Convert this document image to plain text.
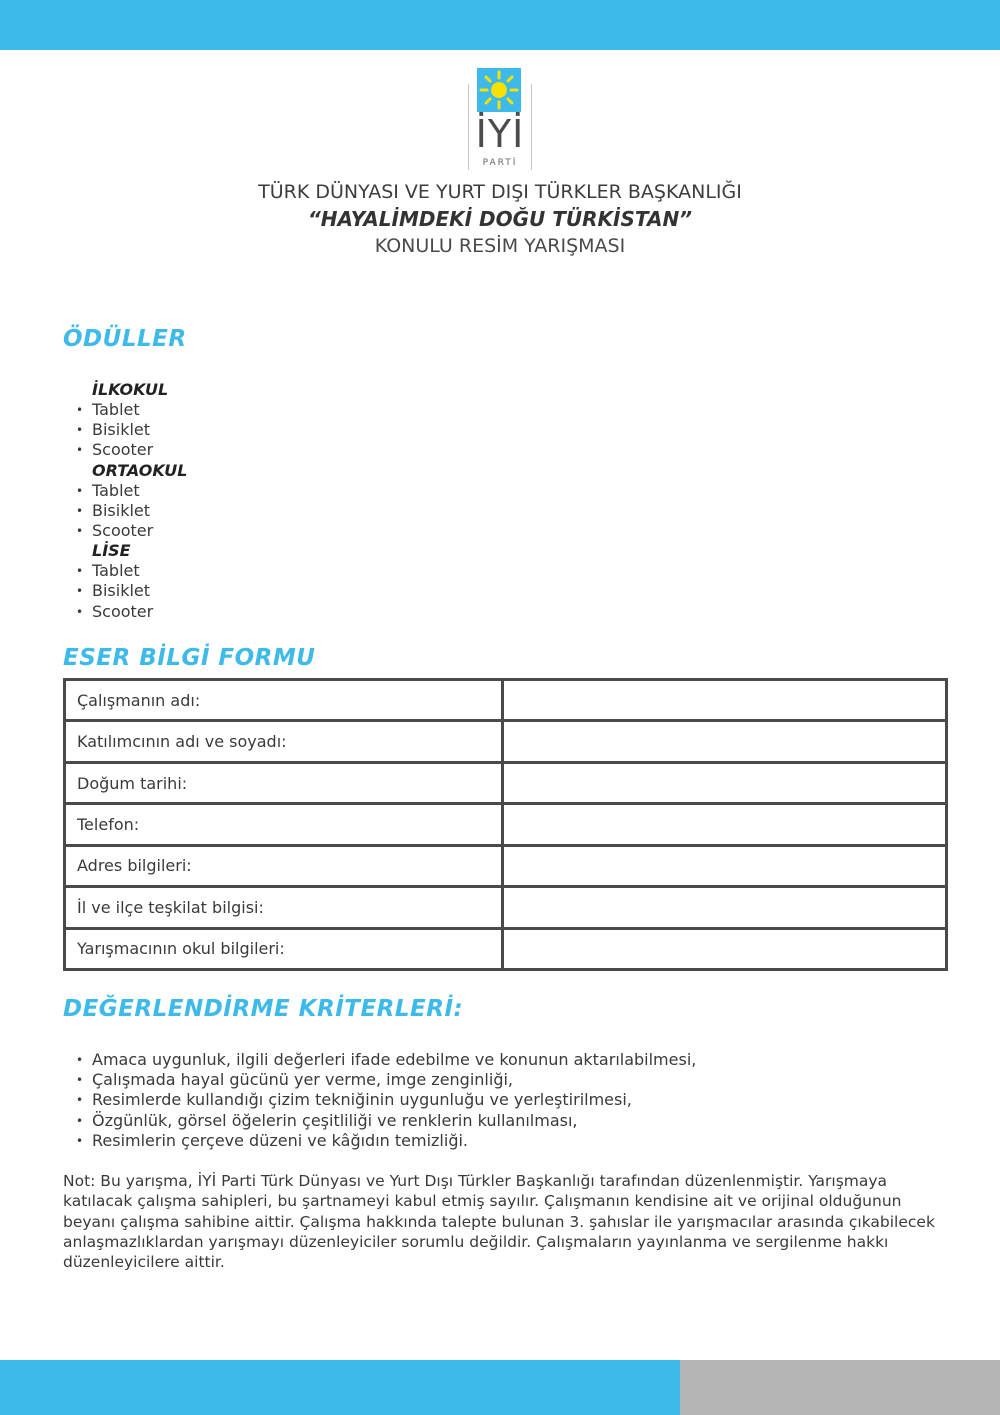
İYİ
PARTİ
TÜRK DÜNYASI VE YURT DIŞI TÜRKLER BAŞKANLIĞI
“HAYALİMDEKİ DOĞU TÜRKİSTAN”
KONULU RESİM YARIŞMASI
ÖDÜLLER
İLKOKUL
• Tablet
• Bisiklet
• Scooter
ORTAOKUL
• Tablet
• Bisiklet
• Scooter
LİSE
• Tablet
• Bisiklet
• Scooter
ESER BİLGİ FORMU
Çalışmanın adı:	
Katılımcının adı ve soyadı:	
Doğum tarihi:	
Telefon:	
Adres bilgileri:	
İl ve ilçe teşkilat bilgisi:	
Yarışmacının okul bilgileri:	
DEĞERLENDİRME KRİTERLERİ:
• Amaca uygunluk, ilgili değerleri ifade edebilme ve konunun aktarılabilmesi,
• Çalışmada hayal gücünü yer verme, imge zenginliği,
• Resimlerde kullandığı çizim tekniğinin uygunluğu ve yerleştirilmesi,
• Özgünlük, görsel öğelerin çeşitliliği ve renklerin kullanılması,
• Resimlerin çerçeve düzeni ve kâğıdın temizliği.
Not: Bu yarışma, İYİ Parti Türk Dünyası ve Yurt Dışı Türkler Başkanlığı tarafından düzenlenmiştir. Yarışmaya katılacak çalışma sahipleri, bu şartnameyi kabul etmiş sayılır. Çalışmanın kendisine ait ve orijinal olduğunun beyanı çalışma sahibine aittir. Çalışma hakkında talepte bulunan 3. şahıslar ile yarışmacılar arasında çıkabilecek anlaşmazlıklardan yarışmayı düzenleyiciler sorumlu değildir. Çalışmaların yayınlanma ve sergilenme hakkı düzenleyicilere aittir.
